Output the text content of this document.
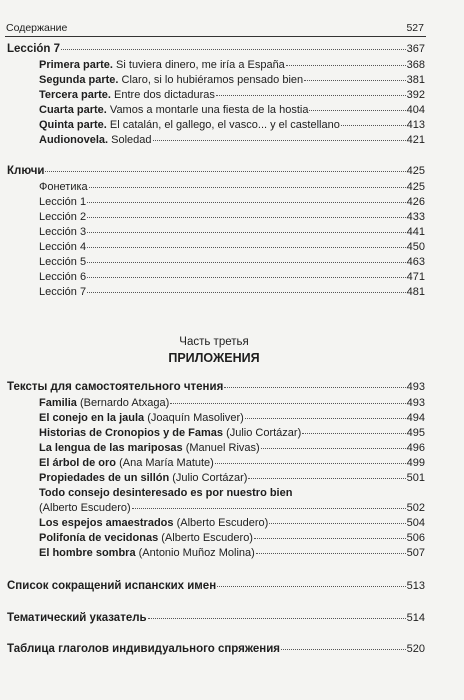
Содержание	527
Lección 7	367
Primera parte. Si tuviera dinero, me iría a España	368
Segunda parte. Claro, si lo hubiéramos pensado bien	381
Tercera parte. Entre dos dictaduras	392
Cuarta parte. Vamos a montarle una fiesta de la hostia	404
Quinta parte. El catalán, el gallego, el vasco... y el castellano	413
Audionovela. Soledad	421
Ключи	425
Фонетика	425
Lección 1	426
Lección 2	433
Lección 3	441
Lección 4	450
Lección 5	463
Lección 6	471
Lección 7	481
Часть третья
ПРИЛОЖЕНИЯ
Тексты для самостоятельного чтения	493
Familia (Bernardo Atxaga)	493
El conejo en la jaula (Joaquín Masoliver)	494
Historias de Cronopios y de Famas (Julio Cortázar)	495
La lengua de las mariposas (Manuel Rivas)	496
El árbol de oro (Ana María Matute)	499
Propiedades de un sillón (Julio Cortázar)	501
Todo consejo desinteresado es por nuestro bien
(Alberto Escudero)	502
Los espejos amaestrados (Alberto Escudero)	504
Polifonía de vecidonas (Alberto Escudero)	506
El hombre sombra (Antonio Muñoz Molina)	507
Список сокращений испанских имен	513
Тематический указатель	514
Таблица глаголов индивидуального спряжения	520
